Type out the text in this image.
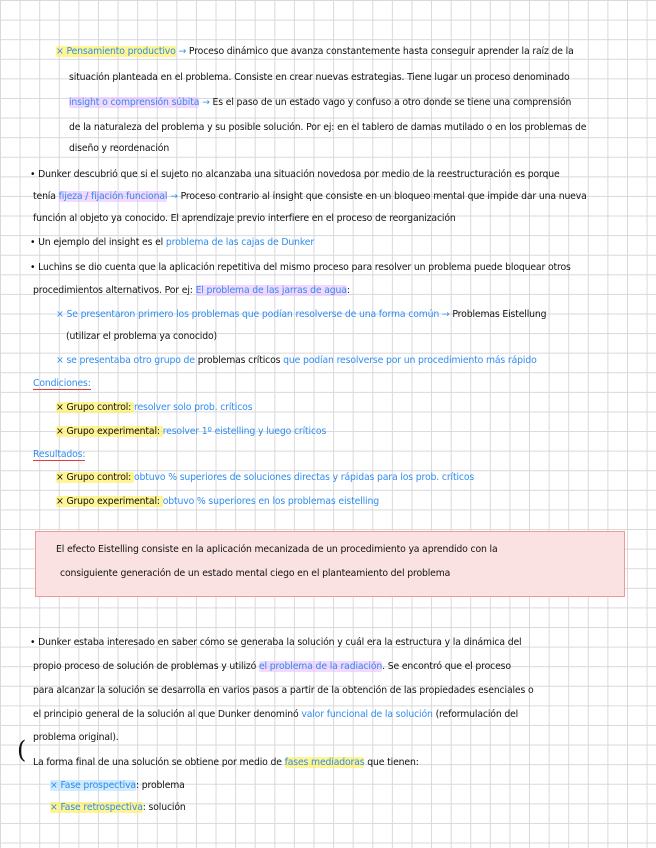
× Pensamiento productivo → Proceso dinámico que avanza constantemente hasta conseguir aprender la raíz de la
situación planteada en el problema. Consiste en crear nuevas estrategias. Tiene lugar un proceso denominado
insight o comprensión súbita → Es el paso de un estado vago y confuso a otro donde se tiene una comprensión
de la naturaleza del problema y su posible solución. Por ej: en el tablero de damas mutilado o en los problemas de
diseño y reordenación
• Dunker descubrió que si el sujeto no alcanzaba una situación novedosa por medio de la reestructuración es porque
tenía fijeza / fijación funcional → Proceso contrario al insight que consiste en un bloqueo mental que impide dar una nueva
función al objeto ya conocido. El aprendizaje previo interfiere en el proceso de reorganización
• Un ejemplo del insight es el problema de las cajas de Dunker
• Luchins se dio cuenta que la aplicación repetitiva del mismo proceso para resolver un problema puede bloquear otros
procedimientos alternativos. Por ej: El problema de las jarras de agua:
× Se presentaron primero los problemas que podían resolverse de una forma común → Problemas Eistellung
(utilizar el problema ya conocido)
× se presentaba otro grupo de problemas críticos que podían resolverse por un procedimiento más rápido
Condiciones:
× Grupo control: resolver solo prob. críticos
× Grupo experimental: resolver 1º eistelling y luego críticos
Resultados:
× Grupo control: obtuvo % superiores de soluciones directas y rápidas para los prob. críticos
× Grupo experimental: obtuvo % superiores en los problemas eistelling
El efecto Eistelling consiste en la aplicación mecanizada de un procedimiento ya aprendido con la
consiguiente generación de un estado mental ciego en el planteamiento del problema
• Dunker estaba interesado en saber cómo se generaba la solución y cuál era la estructura y la dinámica del
propio proceso de solución de problemas y utilizó el problema de la radiación. Se encontró que el proceso
para alcanzar la solución se desarrolla en varios pasos a partir de la obtención de las propiedades esenciales o
el principio general de la solución al que Dunker denominó valor funcional de la solución (reformulación del
problema original).
( La forma final de una solución se obtiene por medio de fases mediadoras que tienen:
× Fase prospectiva: problema
× Fase retrospectiva: solución
